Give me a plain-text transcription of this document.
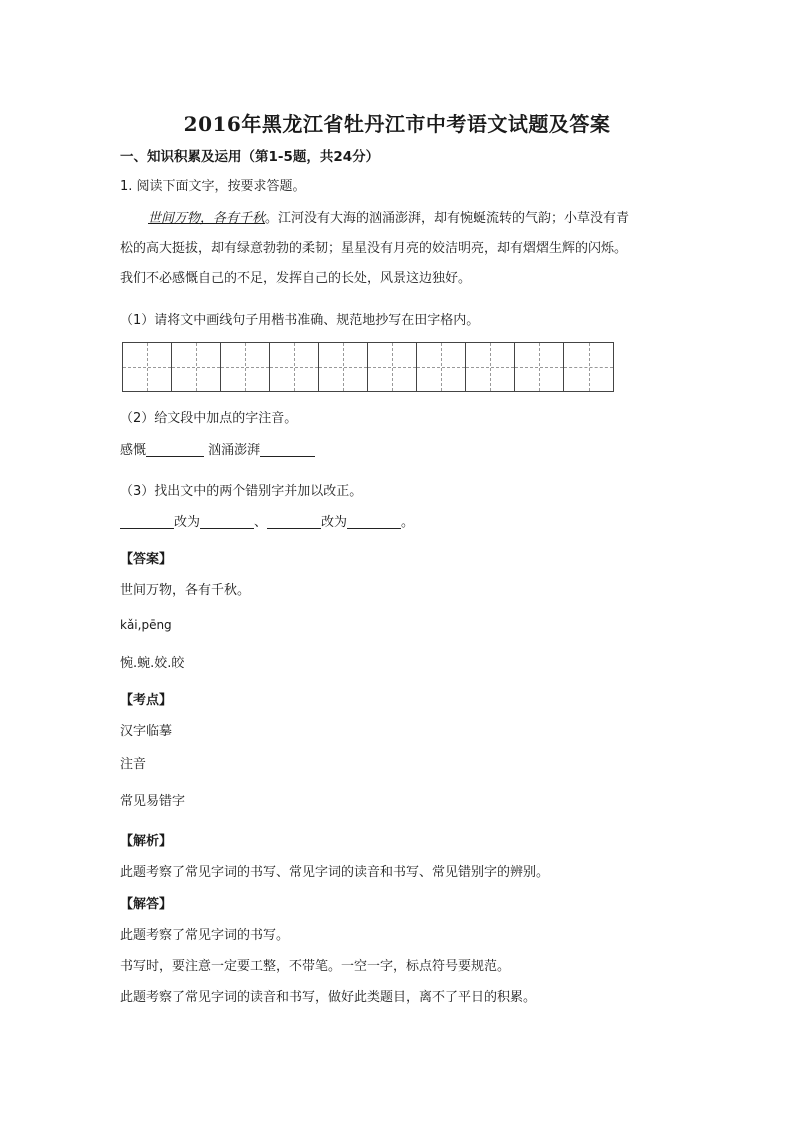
2016年黑龙江省牡丹江市中考语文试题及答案
一、知识积累及运用（第1-5题，共24分）
1. 阅读下面文字，按要求答题。
世间万物，各有千秋。江河没有大海的汹涌澎湃，却有惋蜒流转的气韵；小草没有青
松的高大挺拔，却有绿意勃勃的柔韧；星星没有月亮的姣洁明亮，却有熠熠生辉的闪烁。
我们不必感慨自己的不足，发挥自己的长处，风景这边独好。
（1）请将文中画线句子用楷书准确、规范地抄写在田字格内。
（2）给文段中加点的字注音。
感慨	汹涌澎湃
（3）找出文中的两个错别字并加以改正。
改为	、	改为	。
【答案】
世间万物，各有千秋。
kǎi,pēng
惋.蜿.姣.皎
【考点】
汉字临摹
注音
常见易错字
【解析】
此题考察了常见字词的书写、常见字词的读音和书写、常见错别字的辨别。
【解答】
此题考察了常见字词的书写。
书写时，要注意一定要工整，不带笔。一空一字，标点符号要规范。
此题考察了常见字词的读音和书写，做好此类题目，离不了平日的积累。
